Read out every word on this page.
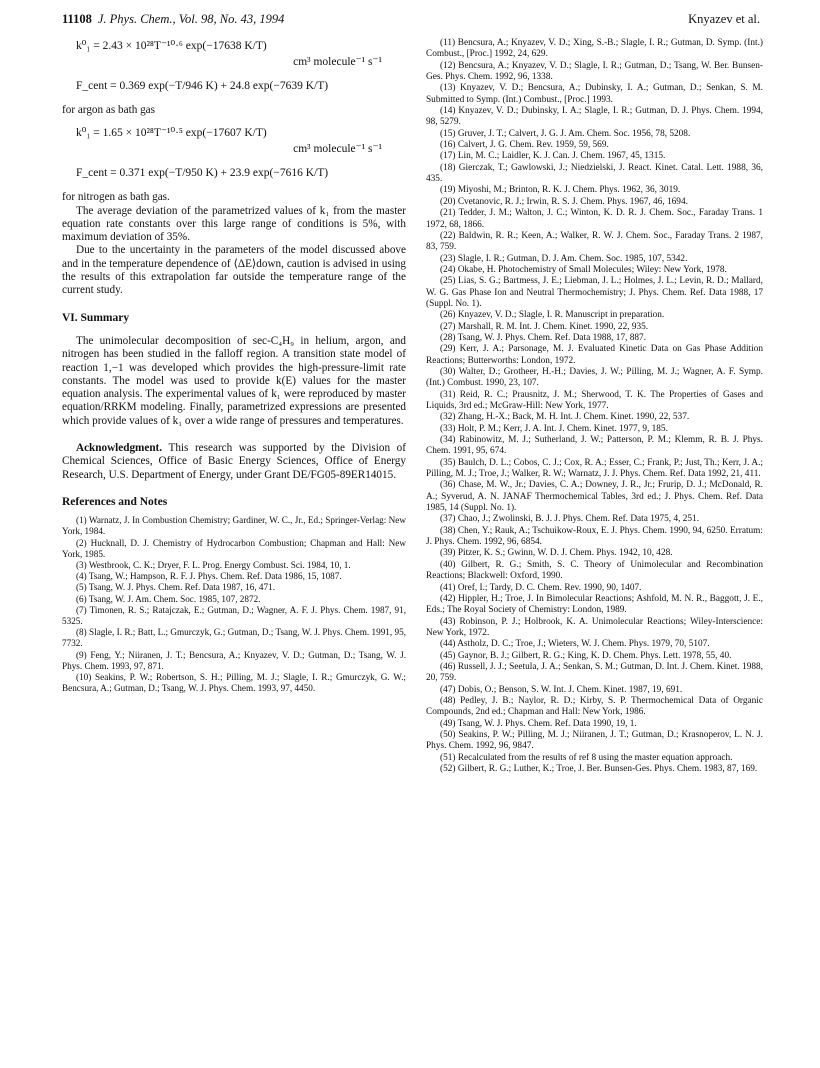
11108 J. Phys. Chem., Vol. 98, No. 43, 1994	Knyazev et al.
k⁰₁ = 2.43 × 10²⁸T⁻¹⁰·⁶ exp(−17638 K/T)
cm³ molecule⁻¹ s⁻¹
F_cent = 0.369 exp(−T/946 K) + 24.8 exp(−7639 K/T)

for argon as bath gas

k⁰₁ = 1.65 × 10²⁸T⁻¹⁰·⁵ exp(−17607 K/T)
cm³ molecule⁻¹ s⁻¹
F_cent = 0.371 exp(−T/950 K) + 23.9 exp(−7616 K/T)

for nitrogen as bath gas.

The average deviation of the parametrized values of k₁ from the master equation rate constants over this large range of conditions is 5%, with maximum deviation of 35%.

Due to the uncertainty in the parameters of the model discussed above and in the temperature dependence of ⟨ΔE⟩down, caution is advised in using the results of this extrapolation far outside the temperature range of the current study.

VI. Summary

The unimolecular decomposition of sec-C₄H₉ in helium, argon, and nitrogen has been studied in the falloff region. A transition state model of reaction 1,−1 was developed which provides the high-pressure-limit rate constants. The model was used to provide k(E) values for the master equation analysis. The experimental values of k₁ were reproduced by master equation/RRKM modeling. Finally, parametrized expressions are presented which provide values of k₁ over a wide range of pressures and temperatures.

Acknowledgment. This research was supported by the Division of Chemical Sciences, Office of Basic Energy Sciences, Office of Energy Research, U.S. Department of Energy, under Grant DE/FG05-89ER14015.

References and Notes

(1) Warnatz, J. In Combustion Chemistry; Gardiner, W. C., Jr., Ed.; Springer-Verlag: New York, 1984.

(2) Hucknall, D. J. Chemistry of Hydrocarbon Combustion; Chapman and Hall: New York, 1985.

(3) Westbrook, C. K.; Dryer, F. L. Prog. Energy Combust. Sci. 1984, 10, 1.

(4) Tsang, W.; Hampson, R. F. J. Phys. Chem. Ref. Data 1986, 15, 1087.

(5) Tsang, W. J. Phys. Chem. Ref. Data 1987, 16, 471.

(6) Tsang, W. J. Am. Chem. Soc. 1985, 107, 2872.

(7) Timonen, R. S.; Ratajczak, E.; Gutman, D.; Wagner, A. F. J. Phys. Chem. 1987, 91, 5325.

(8) Slagle, I. R.; Batt, L.; Gmurczyk, G.; Gutman, D.; Tsang, W. J. Phys. Chem. 1991, 95, 7732.

(9) Feng, Y.; Niiranen, J. T.; Bencsura, A.; Knyazev, V. D.; Gutman, D.; Tsang, W. J. Phys. Chem. 1993, 97, 871.

(10) Seakins, P. W.; Robertson, S. H.; Pilling, M. J.; Slagle, I. R.; Gmurczyk, G. W.; Bencsura, A.; Gutman, D.; Tsang, W. J. Phys. Chem. 1993, 97, 4450.

(11) Bencsura, A.; Knyazev, V. D.; Xing, S.-B.; Slagle, I. R.; Gutman, D. Symp. (Int.) Combust., [Proc.] 1992, 24, 629.

(12) Bencsura, A.; Knyazev, V. D.; Slagle, I. R.; Gutman, D.; Tsang, W. Ber. Bunsen-Ges. Phys. Chem. 1992, 96, 1338.

(13) Knyazev, V. D.; Bencsura, A.; Dubinsky, I. A.; Gutman, D.; Senkan, S. M. Submitted to Symp. (Int.) Combust., [Proc.] 1993.

(14) Knyazev, V. D.; Dubinsky, I. A.; Slagle, I. R.; Gutman, D. J. Phys. Chem. 1994, 98, 5279.

(15) Gruver, J. T.; Calvert, J. G. J. Am. Chem. Soc. 1956, 78, 5208.

(16) Calvert, J. G. Chem. Rev. 1959, 59, 569.

(17) Lin, M. C.; Laidler, K. J. Can. J. Chem. 1967, 45, 1315.

(18) Gierczak, T.; Gawlowski, J.; Niedzielski, J. React. Kinet. Catal. Lett. 1988, 36, 435.

(19) Miyoshi, M.; Brinton, R. K. J. Chem. Phys. 1962, 36, 3019.

(20) Cvetanovic, R. J.; Irwin, R. S. J. Chem. Phys. 1967, 46, 1694.

(21) Tedder, J. M.; Walton, J. C.; Winton, K. D. R. J. Chem. Soc., Faraday Trans. 1 1972, 68, 1866.

(22) Baldwin, R. R.; Keen, A.; Walker, R. W. J. Chem. Soc., Faraday Trans. 2 1987, 83, 759.

(23) Slagle, I. R.; Gutman, D. J. Am. Chem. Soc. 1985, 107, 5342.

(24) Okabe, H. Photochemistry of Small Molecules; Wiley: New York, 1978.

(25) Lias, S. G.; Bartmess, J. E.; Liebman, J. L.; Holmes, J. L.; Levin, R. D.; Mallard, W. G. Gas Phase Ion and Neutral Thermochemistry; J. Phys. Chem. Ref. Data 1988, 17 (Suppl. No. 1).

(26) Knyazev, V. D.; Slagle, I. R. Manuscript in preparation.

(27) Marshall, R. M. Int. J. Chem. Kinet. 1990, 22, 935.

(28) Tsang, W. J. Phys. Chem. Ref. Data 1988, 17, 887.

(29) Kerr, J. A.; Parsonage, M. J. Evaluated Kinetic Data on Gas Phase Addition Reactions; Butterworths: London, 1972.

(30) Walter, D.; Grotheer, H.-H.; Davies, J. W.; Pilling, M. J.; Wagner, A. F. Symp. (Int.) Combust. 1990, 23, 107.

(31) Reid, R. C.; Prausnitz, J. M.; Sherwood, T. K. The Properties of Gases and Liquids, 3rd ed.; McGraw-Hill: New York, 1977.

(32) Zhang, H.-X.; Back, M. H. Int. J. Chem. Kinet. 1990, 22, 537.

(33) Holt, P. M.; Kerr, J. A. Int. J. Chem. Kinet. 1977, 9, 185.

(34) Rabinowitz, M. J.; Sutherland, J. W.; Patterson, P. M.; Klemm, R. B. J. Phys. Chem. 1991, 95, 674.

(35) Baulch, D. L.; Cobos, C. J.; Cox, R. A.; Esser, C.; Frank, P.; Just, Th.; Kerr, J. A.; Pilling, M. J.; Troe, J.; Walker, R. W.; Warnatz, J. J. Phys. Chem. Ref. Data 1992, 21, 411.

(36) Chase, M. W., Jr.; Davies, C. A.; Downey, J. R., Jr.; Frurip, D. J.; McDonald, R. A.; Syverud, A. N. JANAF Thermochemical Tables, 3rd ed.; J. Phys. Chem. Ref. Data 1985, 14 (Suppl. No. 1).

(37) Chao, J.; Zwolinski, B. J. J. Phys. Chem. Ref. Data 1975, 4, 251.

(38) Chen, Y.; Rauk, A.; Tschuikow-Roux, E. J. Phys. Chem. 1990, 94, 6250. Erratum: J. Phys. Chem. 1992, 96, 6854.

(39) Pitzer, K. S.; Gwinn, W. D. J. Chem. Phys. 1942, 10, 428.

(40) Gilbert, R. G.; Smith, S. C. Theory of Unimolecular and Recombination Reactions; Blackwell: Oxford, 1990.

(41) Oref, I.; Tardy, D. C. Chem. Rev. 1990, 90, 1407.

(42) Hippler, H.; Troe, J. In Bimolecular Reactions; Ashfold, M. N. R., Baggott, J. E., Eds.; The Royal Society of Chemistry: London, 1989.

(43) Robinson, P. J.; Holbrook, K. A. Unimolecular Reactions; Wiley-Interscience: New York, 1972.

(44) Astholz, D. C.; Troe, J.; Wieters, W. J. Chem. Phys. 1979, 70, 5107.

(45) Gaynor, B. J.; Gilbert, R. G.; King, K. D. Chem. Phys. Lett. 1978, 55, 40.

(46) Russell, J. J.; Seetula, J. A.; Senkan, S. M.; Gutman, D. Int. J. Chem. Kinet. 1988, 20, 759.

(47) Dobis, O.; Benson, S. W. Int. J. Chem. Kinet. 1987, 19, 691.

(48) Pedley, J. B.; Naylor, R. D.; Kirby, S. P. Thermochemical Data of Organic Compounds, 2nd ed.; Chapman and Hall: New York, 1986.

(49) Tsang, W. J. Phys. Chem. Ref. Data 1990, 19, 1.

(50) Seakins, P. W.; Pilling, M. J.; Niiranen, J. T.; Gutman, D.; Krasnoperov, L. N. J. Phys. Chem. 1992, 96, 9847.

(51) Recalculated from the results of ref 8 using the master equation approach.

(52) Gilbert, R. G.; Luther, K.; Troe, J. Ber. Bunsen-Ges. Phys. Chem. 1983, 87, 169.
